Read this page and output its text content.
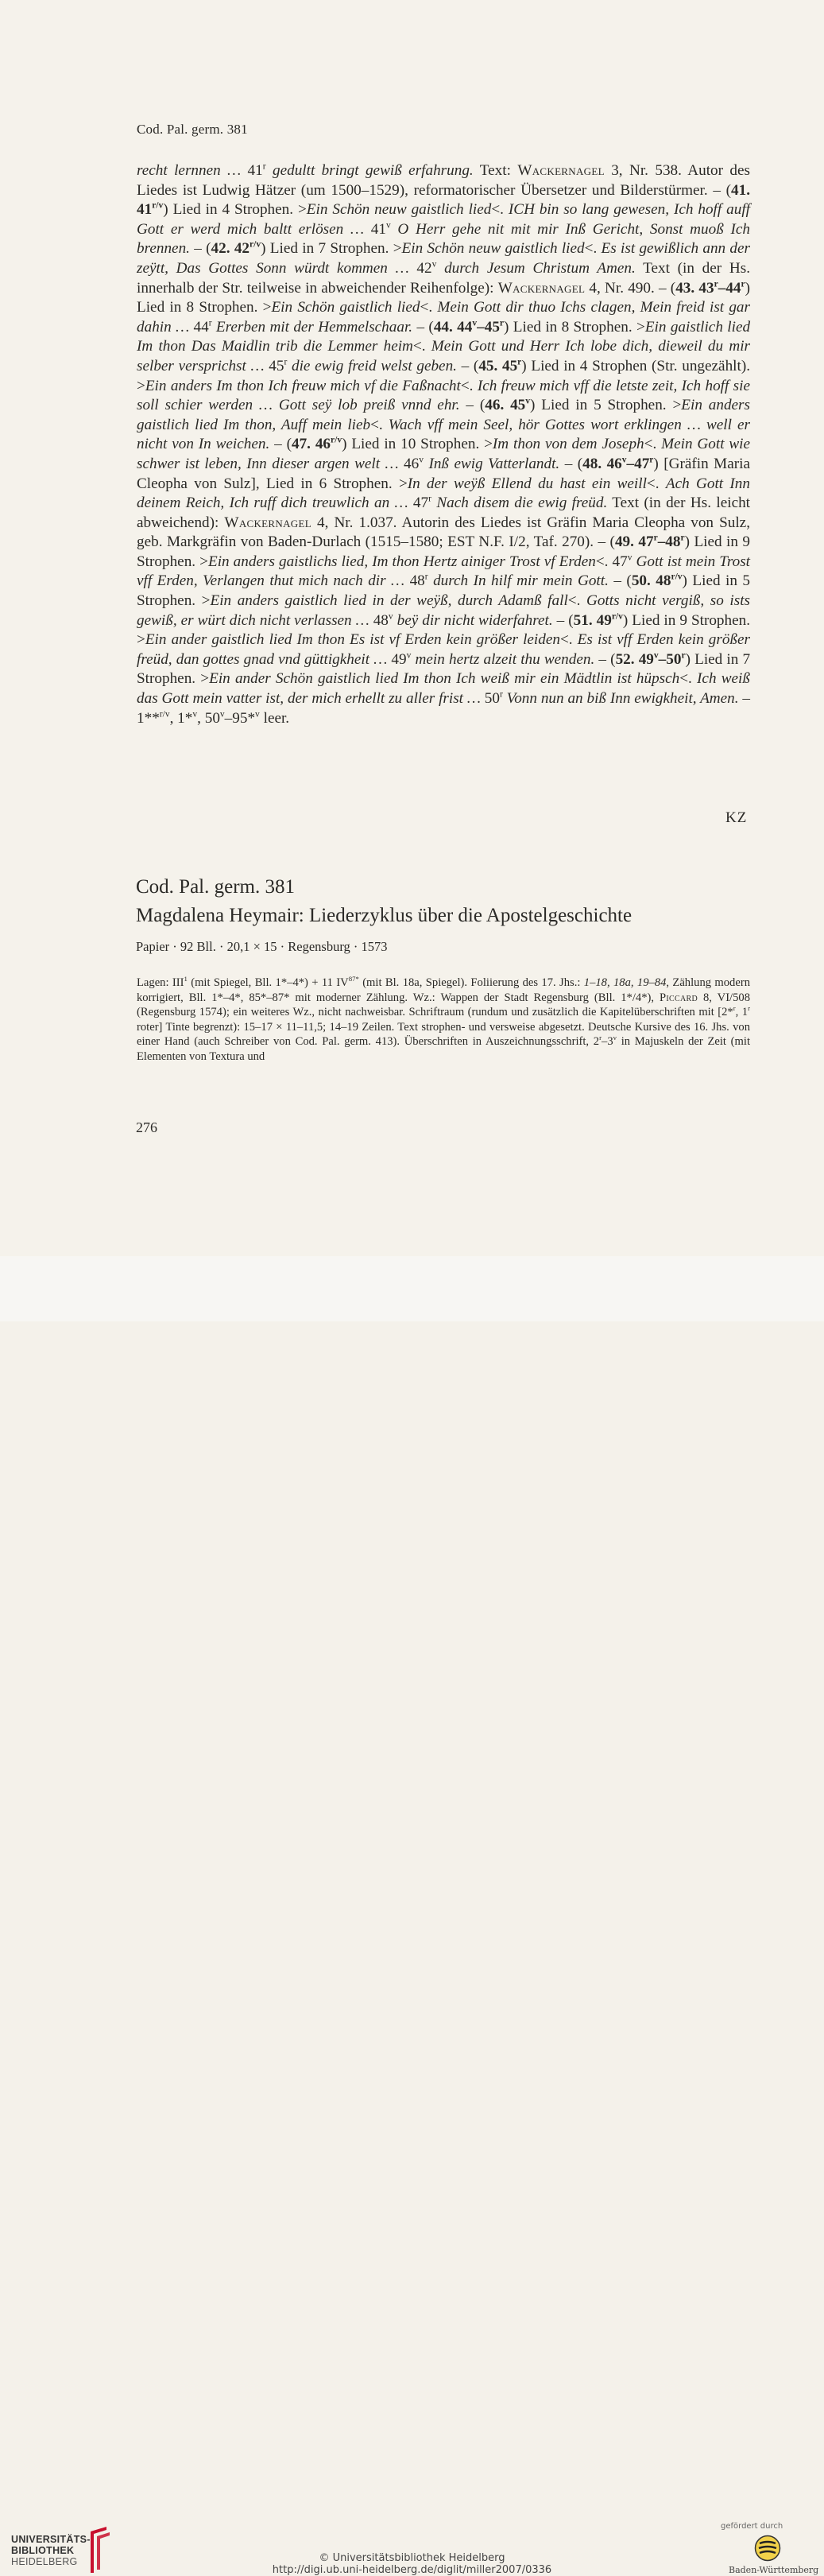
Cod. Pal. germ. 381

recht lernnen … 41$^r$ gedultt bringt gewiß erfahrung. Text: Wackernagel 3, Nr. 538. Autor des Liedes ist Ludwig Hätzer (um 1500–1529), reformatorischer Übersetzer und Bilderstürmer. – (41. $41^{r/v}$) Lied in 4 Strophen. >Ein Schön neuw gaistlich lied<. ICH bin so lang gewesen, Ich hoff auff Gott er werd mich baltt erlösen … 41$^v$ O Herr gehe nit mit mir Inß Gericht, Sonst muoß Ich brennen. – (42. $42^{r/v}$) Lied in 7 Strophen. >Ein Schön neuw gaistlich lied<. Es ist gewißlich ann der zeÿtt, Das Gottes Sonn würdt kommen … 42$^v$ durch Jesum Christum Amen. Text (in der Hs. innerhalb der Str. teilweise in abweichender Reihenfolge): Wackernagel 4, Nr. 490. – (43. 43$^r$–44$^r$) Lied in 8 Strophen. >Ein Schön gaistlich lied<. Mein Gott dir thuo Ichs clagen, Mein freid ist gar dahin … 44$^r$ Ererben mit der Hemmelschaar. – (44. 44$^v$–45$^r$) Lied in 8 Strophen. >Ein gaistlich lied Im thon Das Maidlin trib die Lemmer heim<. Mein Gott und Herr Ich lobe dich, dieweil du mir selber versprichst … 45$^r$ die ewig freid welst geben. – (45. 45$^r$) Lied in 4 Strophen (Str. ungezählt). >Ein anders Im thon Ich freuw mich vf die Faßnacht<. Ich freuw mich vff die letste zeit, Ich hoff sie soll schier werden … Gott seÿ lob preiß vnnd ehr. – (46. 45$^v$) Lied in 5 Strophen. >Ein anders gaistlich lied Im thon, Auff mein lieb<. Wach vff mein Seel, hör Gottes wort erklingen … well er nicht von In weichen. – (47. $46^{r/v}$) Lied in 10 Strophen. >Im thon von dem Joseph<. Mein Gott wie schwer ist leben, Inn dieser argen welt … 46$^v$ Inß ewig Vatterlandt. – (48. 46$^v$–47$^r$) [Gräfin Maria Cleopha von Sulz], Lied in 6 Strophen. >In der weÿß Ellend du hast ein weill<. Ach Gott Inn deinem Reich, Ich ruff dich treuwlich an … 47$^r$ Nach disem die ewig freüd. Text (in der Hs. leicht abweichend): Wackernagel 4, Nr. 1.037. Autorin des Liedes ist Gräfin Maria Cleopha von Sulz, geb. Markgräfin von Baden-Durlach (1515–1580; EST N.F. I/2, Taf. 270). – (49. 47$^r$–48$^r$) Lied in 9 Strophen. >Ein anders gaistlichs lied, Im thon Hertz ainiger Trost vf Erden<. 47$^v$ Gott ist mein Trost vff Erden, Verlangen thut mich nach dir … 48$^r$ durch In hilf mir mein Gott. – (50. $48^{r/v}$) Lied in 5 Strophen. >Ein anders gaistlich lied in der weÿß, durch Adamß fall<. Gotts nicht vergiß, so ists gewiß, er würt dich nicht verlassen … 48$^v$ beÿ dir nicht widerfahret. – (51. $49^{r/v}$) Lied in 9 Strophen. >Ein ander gaistlich lied Im thon Es ist vf Erden kein größer leiden<. Es ist vff Erden kein größer freüd, dan gottes gnad vnd güttigkheit … 49$^v$ mein hertz alzeit thu wenden. – (52. 49$^v$–50$^r$) Lied in 7 Strophen. >Ein ander Schön gaistlich lied Im thon Ich weiß mir ein Mädtlin ist hüpsch<. Ich weiß das Gott mein vatter ist, der mich erhellt zu aller frist … 50$^r$ Vonn nun an biß Inn ewigkheit, Amen. – 1**$^{r/v}$, 1*$^v$, 50$^v$–95*$^v$ leer.

KZ
Cod. Pal. germ. 381
Magdalena Heymair: Liederzyklus über die Apostelgeschichte
Papier · 92 Bll. · 20,1 × 15 · Regensburg · 1573

Lagen: III$^1$ (mit Spiegel, Bll. 1*–4*) + 11 $IV^{87*}$ (mit Bl. 18a, Spiegel). Foliierung des 17. Jhs.: 1–18, 18a, 19–84, Zählung modern korrigiert, Bll. 1*–4*, 85*–87* mit moderner Zählung. Wz.: Wappen der Stadt Regensburg (Bll. 1*/4*), Piccard 8, VI/508 (Regensburg 1574); ein weiteres Wz., nicht nachweisbar. Schriftraum (rundum und zusätzlich die Kapitelüberschriften mit [2*$^r$, 1$^r$ roter] Tinte begrenzt): 15–17 × 11–11,5; 14–19 Zeilen. Text strophen- und versweise abgesetzt. Deutsche Kursive des 16. Jhs. von einer Hand (auch Schreiber von Cod. Pal. germ. 413). Überschriften in Auszeichnungsschrift, 2$^r$–3$^v$ in Majuskeln der Zeit (mit Elementen von Textura und

276
UNIVERSITÄTS-
BIBLIOTHEK
HEIDELBERG	© Universitätsbibliothek Heidelberg
http://digi.ub.uni-heidelberg.de/diglit/miller2007/0336
gefördert durch
Baden-Württemberg
